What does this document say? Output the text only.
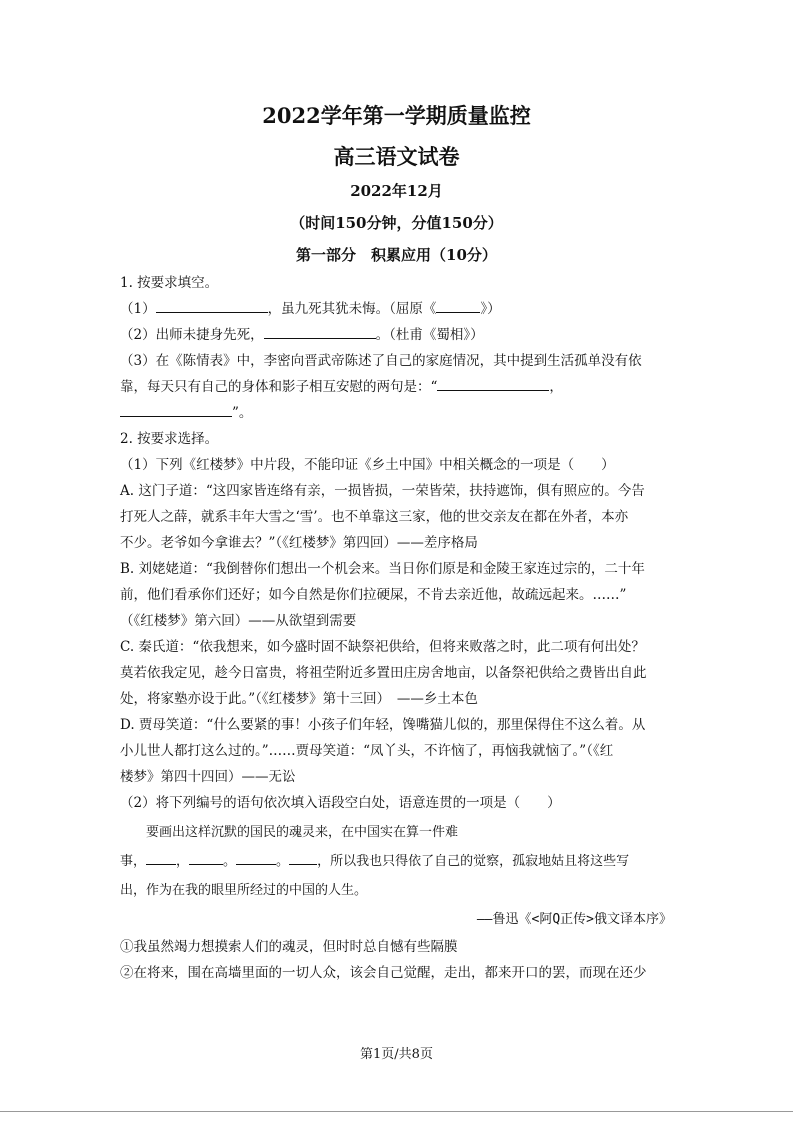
2022学年第一学期质量监控
高三语文试卷
2022年12月
（时间150分钟，分值150分）
第一部分　积累应用（10分）
1. 按要求填空。
（1）	，虽九死其犹未悔。（屈原《	》）
（2）出师未捷身先死，	。（杜甫《蜀相》）
（3）在《陈情表》中，李密向晋武帝陈述了自己的家庭情况，其中提到生活孤单没有依
靠，每天只有自己的身体和影子相互安慰的两句是：“	，
”。
2. 按要求选择。
（1）下列《红楼梦》中片段，不能印证《乡土中国》中相关概念的一项是（　　）
A. 这门子道：“这四家皆连络有亲，一损皆损，一荣皆荣，扶持遮饰，俱有照应的。今告
打死人之薛，就系丰年大雪之‘雪’。也不单靠这三家，他的世交亲友在都在外者，本亦
不少。老爷如今拿谁去？”（《红楼梦》第四回）——差序格局
B. 刘姥姥道：“我倒替你们想出一个机会来。当日你们原是和金陵王家连过宗的，二十年
前，他们看承你们还好；如今自然是你们拉硬屎，不肯去亲近他，故疏远起来。……”
（《红楼梦》第六回）——从欲望到需要
C. 秦氏道：“依我想来，如今盛时固不缺祭祀供给，但将来败落之时，此二项有何出处？
莫若依我定见，趁今日富贵，将祖茔附近多置田庄房舍地亩，以备祭祀供给之费皆出自此
处，将家塾亦设于此。”（《红楼梦》第十三回）　——乡土本色
D. 贾母笑道：“什么要紧的事！小孩子们年轻，馋嘴猫儿似的，那里保得住不这么着。从
小儿世人都打这么过的。”……贾母笑道：“凤丫头，不许恼了，再恼我就恼了。”（《红
楼梦》第四十四回）——无讼
（2）将下列编号的语句依次填入语段空白处，语意连贯的一项是（　　）
要画出这样沉默的国民的魂灵来，在中国实在算一件难
事， ，	。	。 ，所以我也只得依了自己的觉察，孤寂地姑且将这些写
出，作为在我的眼里所经过的中国的人生。
——鲁迅《<阿Q正传>俄文译本序》
①我虽然竭力想摸索人们的魂灵，但时时总自憾有些隔膜
②在将来，围在高墙里面的一切人众，该会自己觉醒，走出，都来开口的罢，而现在还少
第1页/共8页
